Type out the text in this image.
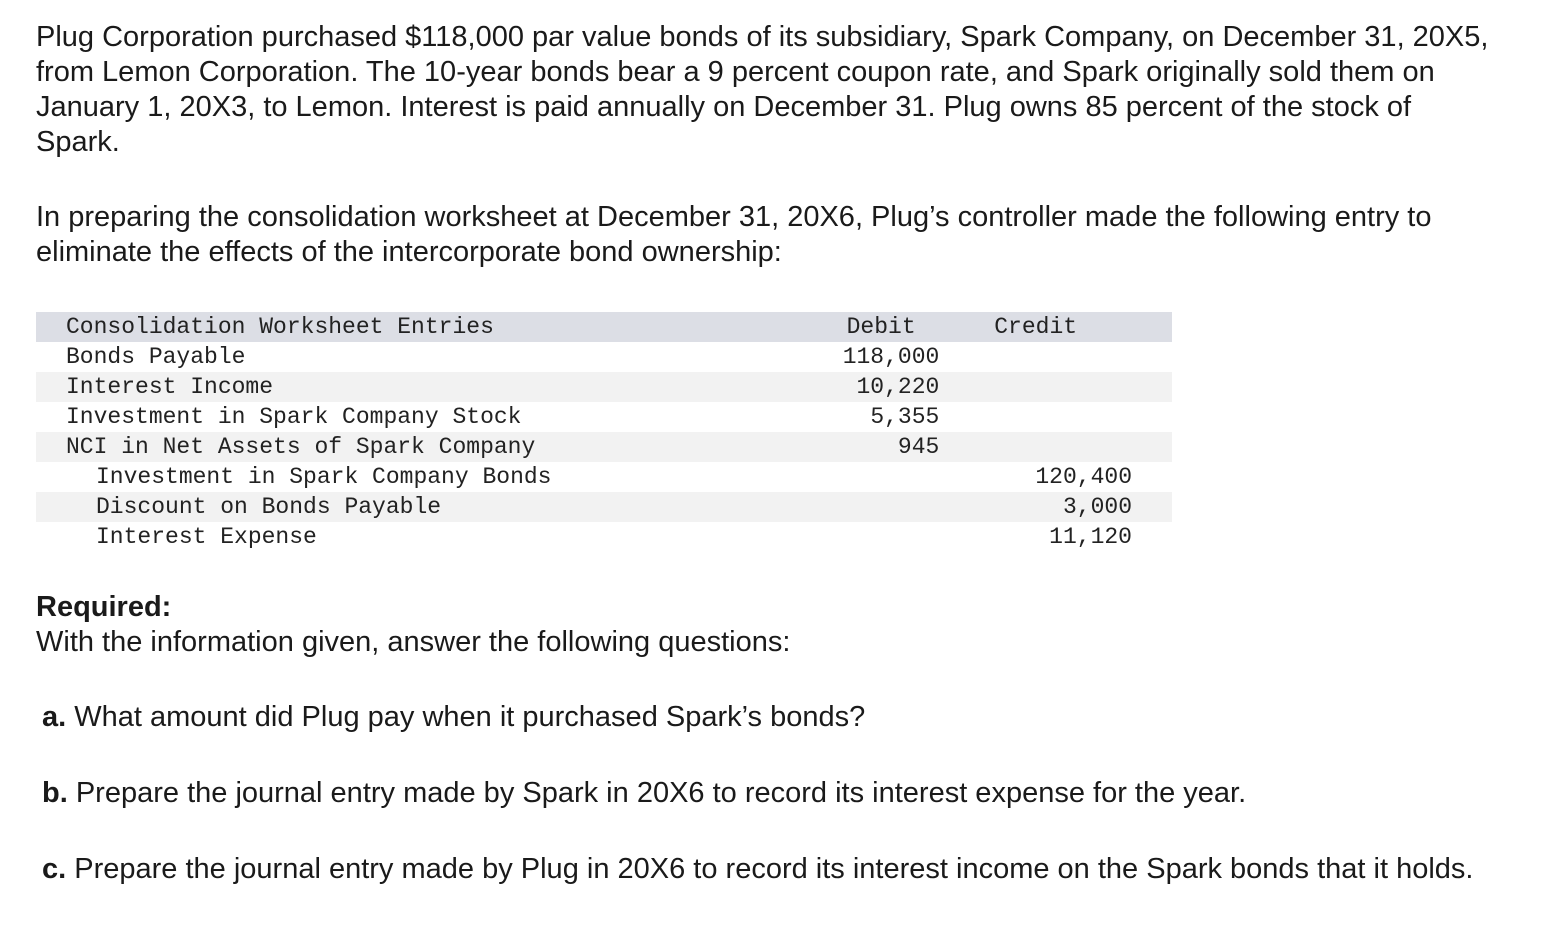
Plug Corporation purchased $118,000 par value bonds of its subsidiary, Spark Company, on December 31, 20X5, from Lemon Corporation. The 10-year bonds bear a 9 percent coupon rate, and Spark originally sold them on January 1, 20X3, to Lemon. Interest is paid annually on December 31. Plug owns 85 percent of the stock of Spark.

In preparing the consolidation worksheet at December 31, 20X6, Plug’s controller made the following entry to eliminate the effects of the intercorporate bond ownership:

Consolidation Worksheet Entries	Debit	Credit
Bonds Payable	118,000	
Interest Income	10,220	
Investment in Spark Company Stock	5,355	
NCI in Net Assets of Spark Company	945	
Investment in Spark Company Bonds		120,400
Discount on Bonds Payable		3,000
Interest Expense		11,120

Required:

With the information given, answer the following questions:

a. What amount did Plug pay when it purchased Spark’s bonds?

b. Prepare the journal entry made by Spark in 20X6 to record its interest expense for the year.

c. Prepare the journal entry made by Plug in 20X6 to record its interest income on the Spark bonds that it holds.
